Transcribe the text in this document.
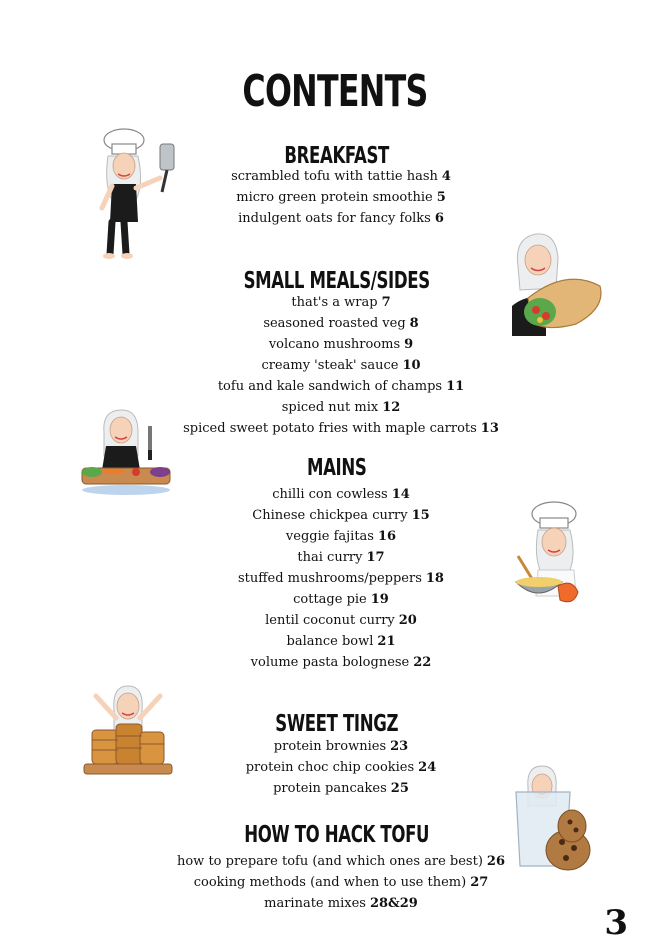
CONTENTS
BREAKFAST
scrambled tofu with tattie hash 4
micro green protein smoothie 5
indulgent oats for fancy folks 6
SMALL MEALS/SIDES
that's a wrap 7
seasoned roasted veg 8
volcano mushrooms 9
creamy 'steak' sauce 10
tofu and kale sandwich of champs 11
spiced nut mix 12
spiced sweet potato fries with maple carrots 13
MAINS
chilli con cowless 14
Chinese chickpea curry 15
veggie fajitas 16
thai curry 17
stuffed mushrooms/peppers 18
cottage pie 19
lentil coconut curry 20
balance bowl 21
volume pasta bolognese 22
SWEET TINGZ
protein brownies 23
protein choc chip cookies 24
protein pancakes 25
HOW TO HACK TOFU
how to prepare tofu (and which ones are best) 26
cooking methods (and when to use them) 27
marinate mixes 28&29	3
